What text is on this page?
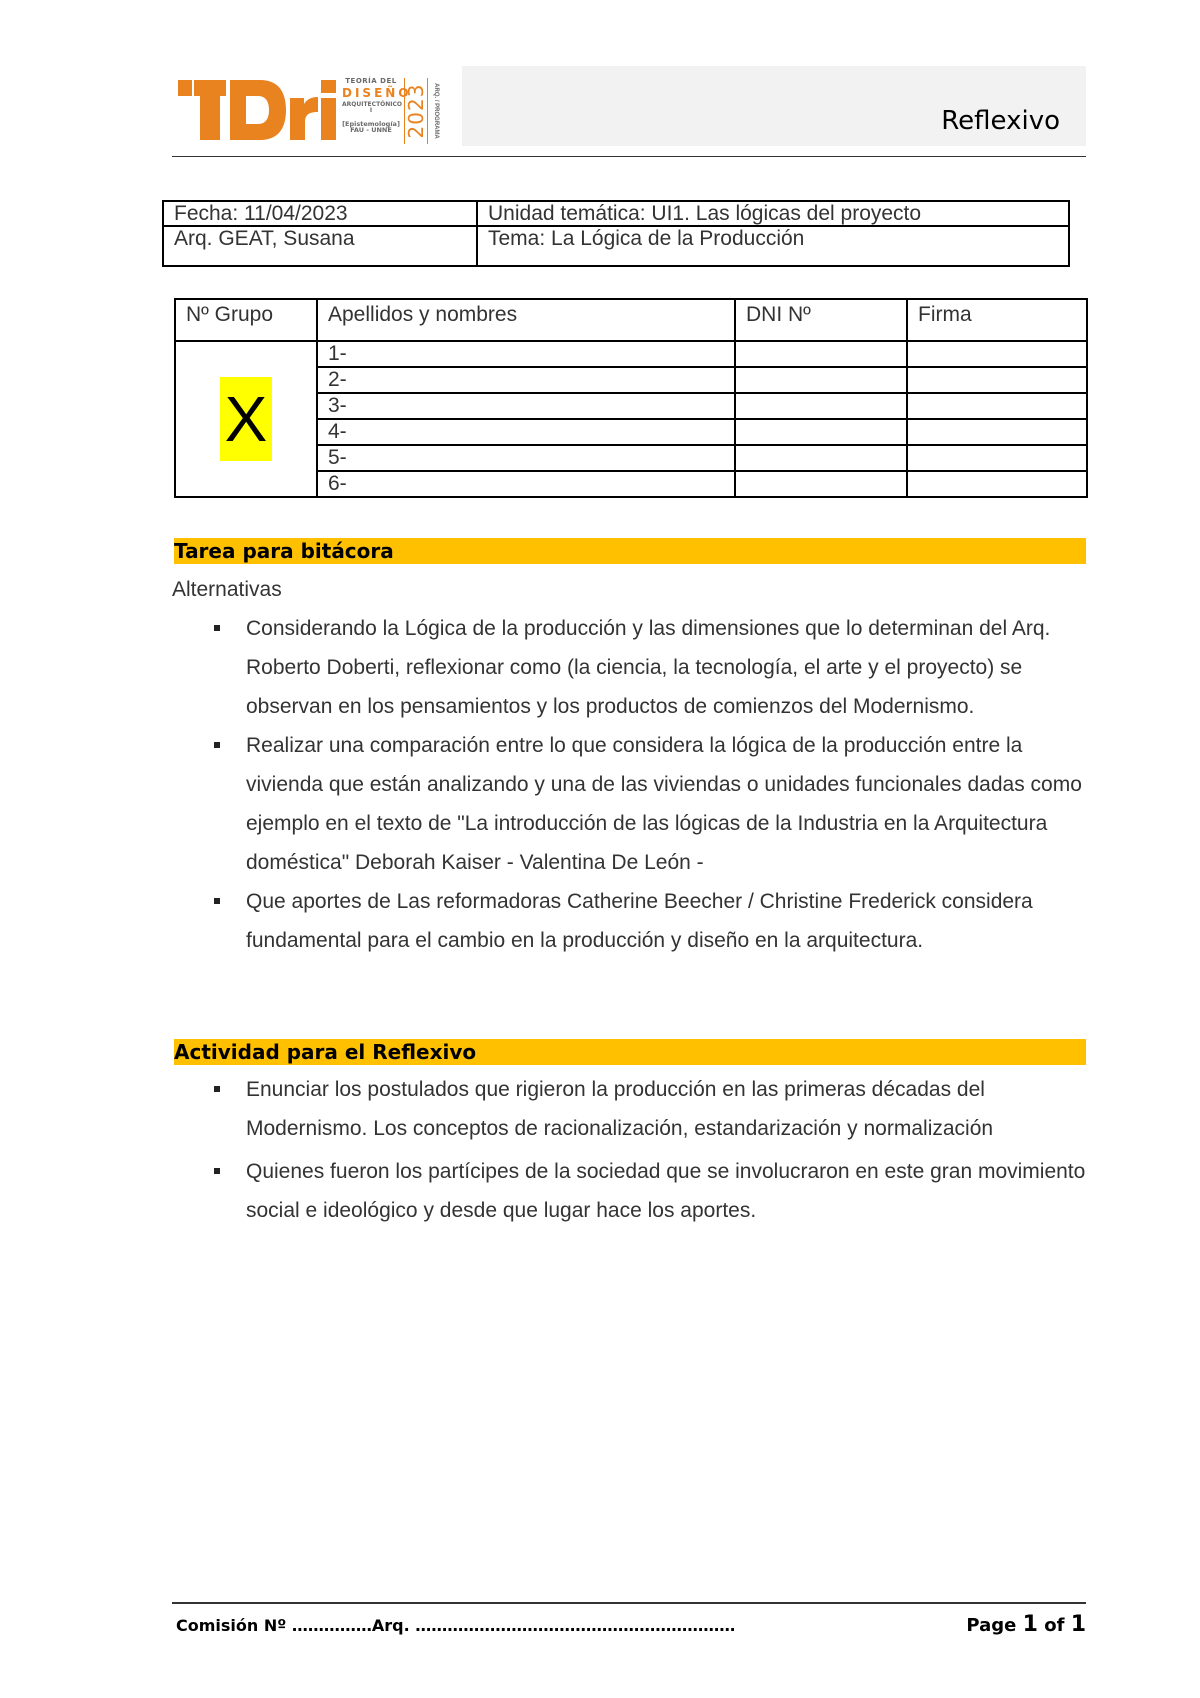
TEORÍA DEL
DISEÑO
ARQUITECTÓNICO I
[Epistemología]
FAU - UNNE 2023 ARQ. / PROGRAMA	Reflexivo
Fecha: 11/04/2023	Unidad temática: UI1. Las lógicas del proyecto
Arq. GEAT, Susana	Tema: La Lógica de la Producción
Nº Grupo	Apellidos y nombres	DNI Nº	Firma
X	1-		
	2-		
	3-		
	4-		
	5-		
	6-		
Tarea para bitácora
Alternativas
Considerando la Lógica de la producción y las dimensiones que lo determinan del Arq. Roberto Doberti, reflexionar como (la ciencia, la tecnología, el arte y el proyecto) se observan en los pensamientos y los productos de comienzos del Modernismo.
Realizar una comparación entre lo que considera la lógica de la producción entre la vivienda que están analizando y una de las viviendas o unidades funcionales dadas como ejemplo en el texto de "La introducción de las lógicas de la Industria en la Arquitectura doméstica" Deborah Kaiser - Valentina De León -
Que aportes de Las reformadoras Catherine Beecher / Christine Frederick considera fundamental para el cambio en la producción y diseño en la arquitectura.
Actividad para el Reflexivo
Enunciar los postulados que rigieron la producción en las primeras décadas del Modernismo. Los conceptos de racionalización, estandarización y normalización
Quienes fueron los partícipes de la sociedad que se involucraron en este gran movimiento social e ideológico y desde que lugar hace los aportes.
Comisión Nº ……………Arq. ……………………………………………………	Page 1 of 1
